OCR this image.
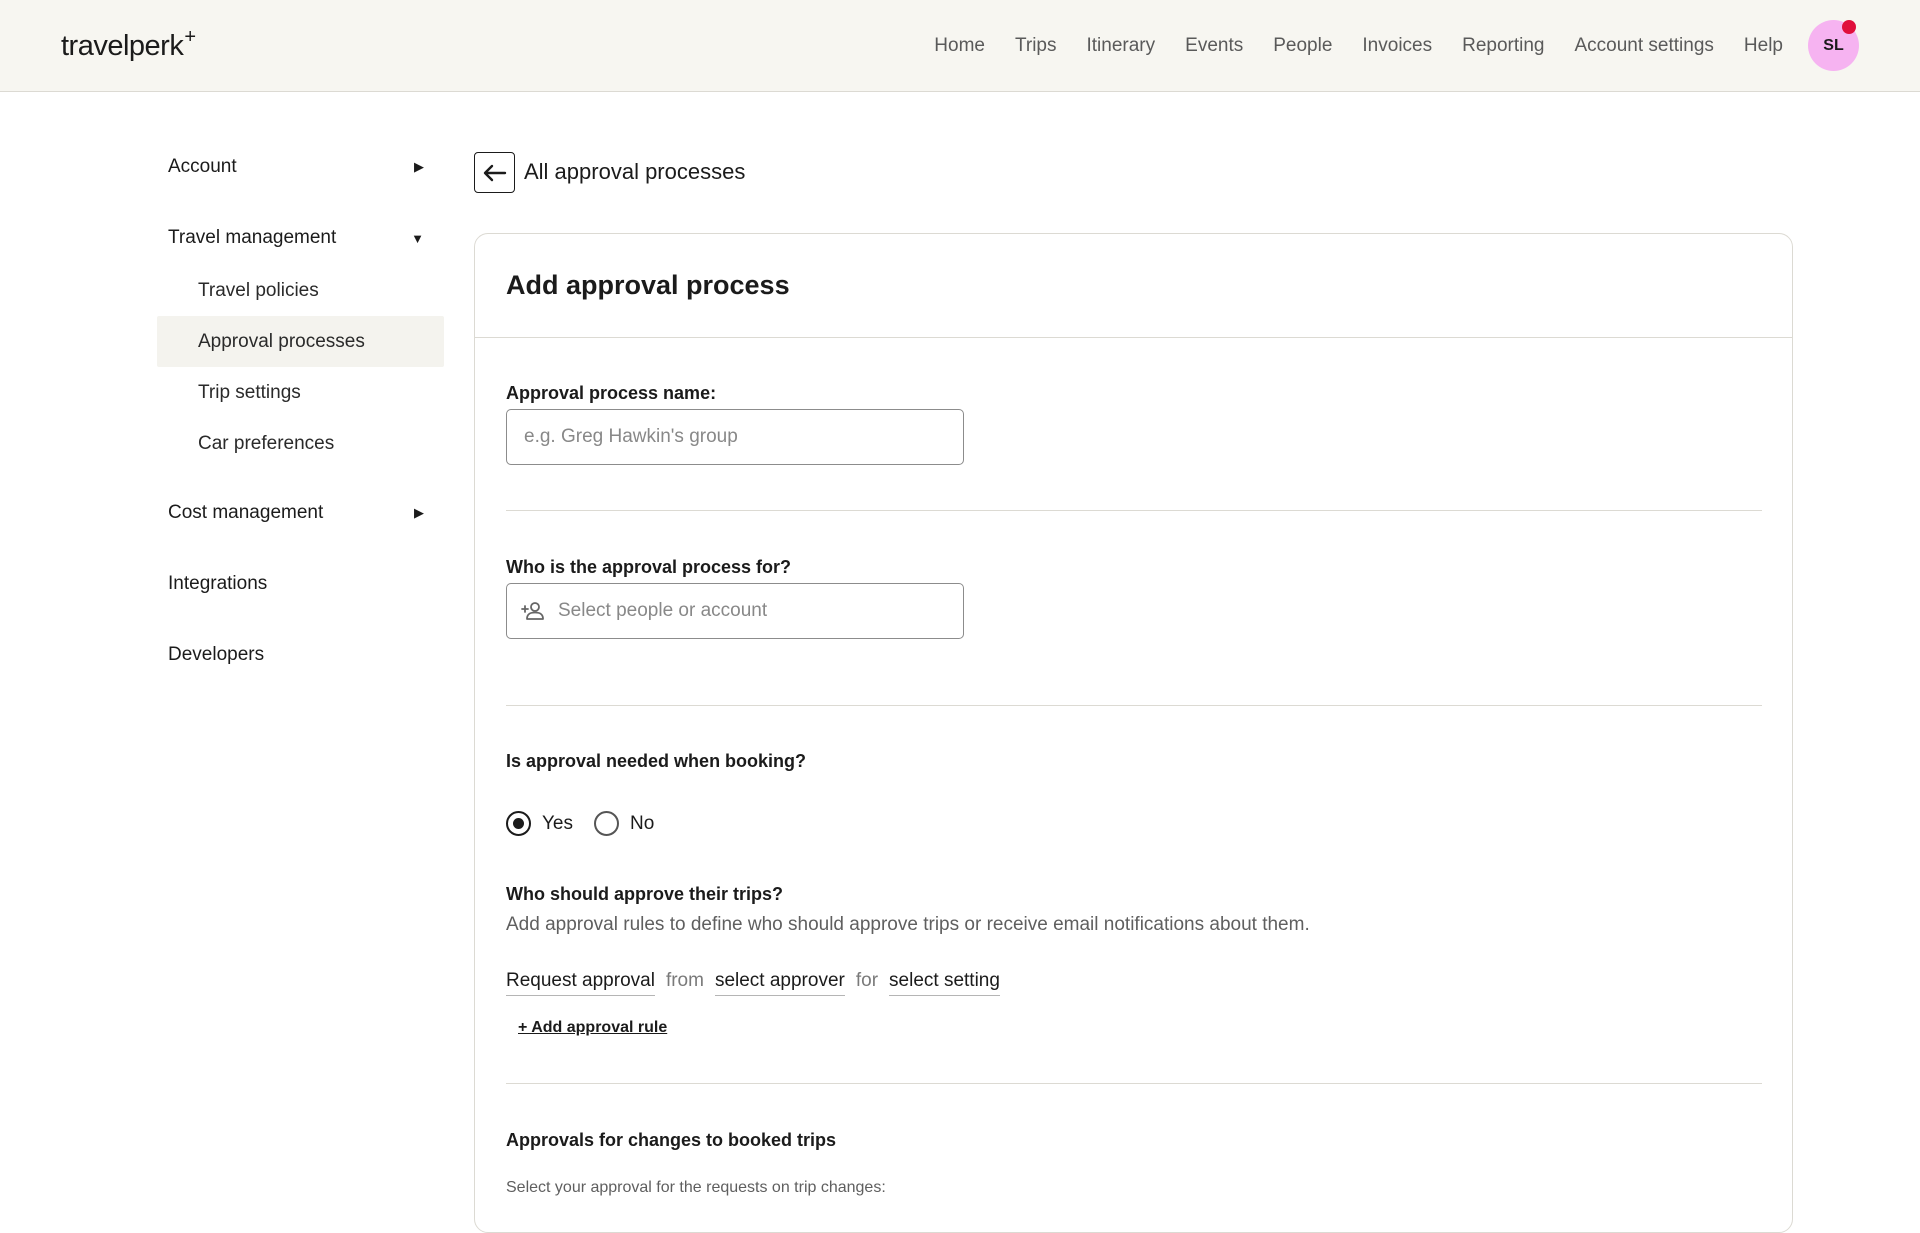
travelperk+	Home Trips Itinerary Events People Invoices Reporting Account settings Help	SL
Account	▶
Travel management	▼
Travel policies
Approval processes
Trip settings
Car preferences
Cost management	▶
Integrations
Developers
All approval processes
Add approval process
Approval process name:
e.g. Greg Hawkin's group
Who is the approval process for?
Select people or account
Is approval needed when booking?
Yes	No
Who should approve their trips?
Add approval rules to define who should approve trips or receive email notifications about them.
Request approval from select approver for select setting
+ Add approval rule
Approvals for changes to booked trips
Select your approval for the requests on trip changes:
